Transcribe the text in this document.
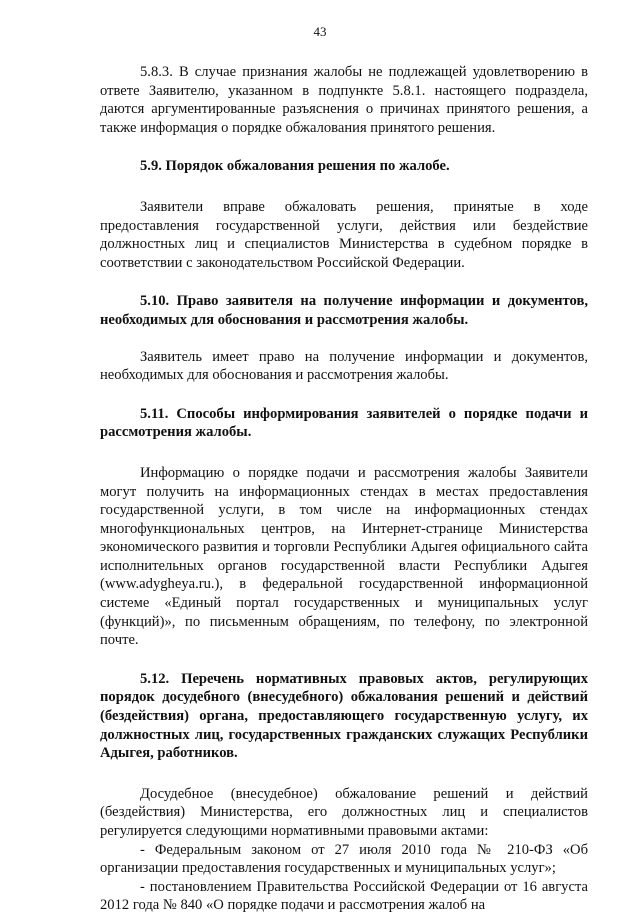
43

5.8.3. В случае признания жалобы не подлежащей удовлетворению в ответе Заявителю, указанном в подпункте 5.8.1. настоящего подраздела, даются аргументированные разъяснения о причинах принятого решения, а также информация о порядке обжалования принятого решения.

5.9. Порядок обжалования решения по жалобе.

Заявители вправе обжаловать решения, принятые в ходе предоставления государственной услуги, действия или бездействие должностных лиц и специалистов Министерства в судебном порядке в соответствии с законодательством Российской Федерации.

5.10. Право заявителя на получение информации и документов, необходимых для обоснования и рассмотрения жалобы.

Заявитель имеет право на получение информации и документов, необходимых для обоснования и рассмотрения жалобы.

5.11. Способы информирования заявителей о порядке подачи и рассмотрения жалобы.

Информацию о порядке подачи и рассмотрения жалобы Заявители могут получить на информационных стендах в местах предоставления государственной услуги, в том числе на информационных стендах многофункциональных центров, на Интернет-странице Министерства экономического развития и торговли Республики Адыгея официального сайта исполнительных органов государственной власти Республики Адыгея (www.adygheya.ru.), в федеральной государственной информационной системе «Единый портал государственных и муниципальных услуг (функций)», по письменным обращениям, по телефону, по электронной почте.

5.12. Перечень нормативных правовых актов, регулирующих порядок досудебного (внесудебного) обжалования решений и действий (бездействия) органа, предоставляющего государственную услугу, их должностных лиц, государственных гражданских служащих Республики Адыгея, работников.

Досудебное (внесудебное) обжалование решений и действий (бездействия) Министерства, его должностных лиц и специалистов регулируется следующими нормативными правовыми актами:

- Федеральным законом от 27 июля 2010 года № 210-ФЗ «Об организации предоставления государственных и муниципальных услуг»;

- постановлением Правительства Российской Федерации от 16 августа 2012 года № 840 «О порядке подачи и рассмотрения жалоб на
